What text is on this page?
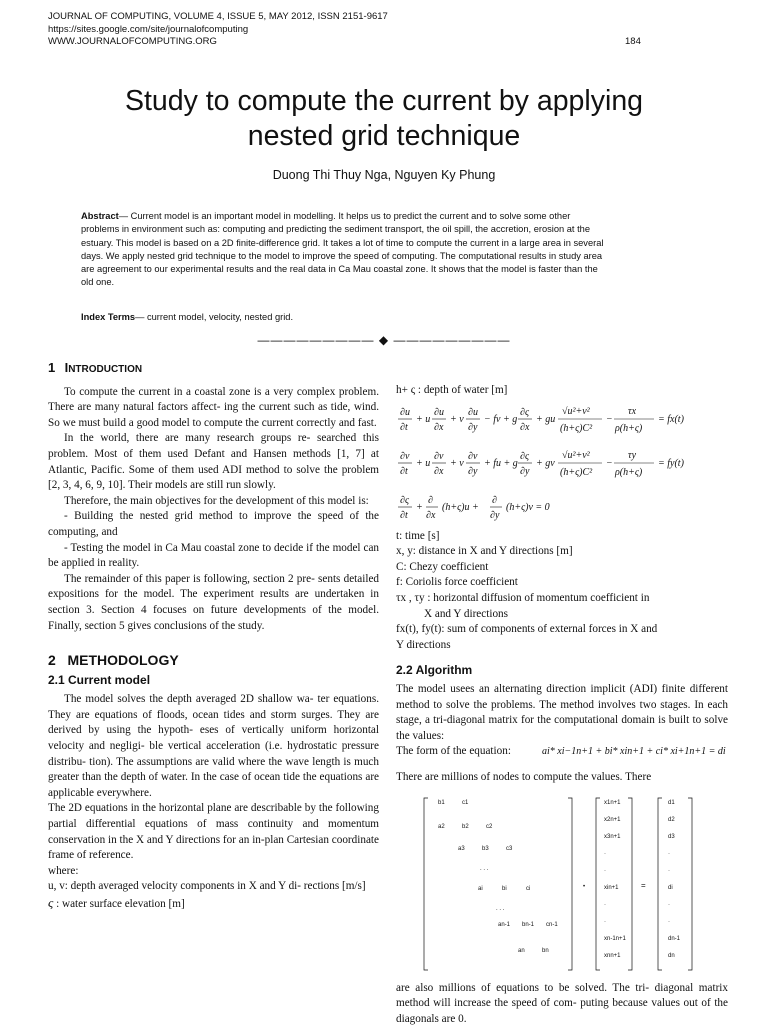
JOURNAL OF COMPUTING, VOLUME 4, ISSUE 5, MAY 2012, ISSN 2151-9617
https://sites.google.com/site/journalofcomputing
WWW.JOURNALOFCOMPUTING.ORG	184
Study to compute the current by applying
nested grid technique
Duong Thi Thuy Nga, Nguyen Ky Phung
Abstract— Current model is an important model in modelling. It helps us to predict the current and to solve some other
problems in environment such as: computing and predicting the sediment transport, the oil spill, the accretion, erosion at the
estuary. This model is based on a 2D finite-difference grid. It takes a lot of time to compute the current in a large area in several
days. We apply nested grid technique to the model to improve the speed of computing. The computational results in study area
are agreement to our experimental results and the real data in Ca Mau coastal zone. It shows that the model is faster than the
old one.
Index Terms— current model, velocity, nested grid.
————————— ◆ —————————
1 INTRODUCTION

To compute the current in a coastal zone is a very complex problem. There are many natural factors affect- ing the current such as tide, wind. So we must build a good model to compute the current correctly and fast.

In the world, there are many research groups re- searched this problem. Most of them used Defant and Hansen methods [1, 7] at Atlantic, Pacific. Some of them used ADI method to solve the problem [2, 3, 4, 6, 9, 10]. Their models are still run slowly.

Therefore, the main objectives for the development of this model is:

- Building the nested grid method to improve the speed of the computing, and

- Testing the model in Ca Mau coastal zone to decide if the model can be applied in reality.

The remainder of this paper is following, section 2 pre- sents detailed expositions for the model. The experiment results are undertaken in section 3. Section 4 focuses on future developments of the model. Finally, section 5 gives conclusions of the study.

2   METHODOLOGY
2.1 Current model

The model solves the depth averaged 2D shallow wa- ter equations. They are equations of floods, ocean tides and storm surges. They are derived by using the hypoth- eses of vertically uniform horizontal velocity and negligi- ble vertical acceleration (i.e. hydrostatic pressure distribu- tion). The assumptions are valid where the wave length is much greater than the depth of water. In the case of ocean tide the equations are applicable everywhere.

The 2D equations in the horizontal plane are describable by the following partial differential equations of mass continuity and momentum conservation in the X and Y directions for an in-plan Cartesian coordinate frame of reference.

where:

u, v: depth averaged velocity components in X and Y di- rections [m/s]

ς : water surface elevation [m]

h+ ς : depth of water [m]

∂u
∂t
+ u
∂u
∂x
+ v
∂u
∂y
− fv + g
∂ς
∂x
+ gu
√u²+v²
(h+ς)C²
−
τx
ρ(h+ς)
= fx(t)
∂v
∂t
+ u
∂v
∂x
+ v
∂v
∂y
+ fu + g
∂ς
∂y
+ gv
√u²+v²
(h+ς)C²
−
τy
ρ(h+ς)
= fy(t)
∂ς
∂t
+
∂
∂x
(h+ς)u +
∂
∂y
(h+ς)v = 0

t: time [s]

x, y: distance in X and Y directions [m]

C: Chezy coefficient

f: Coriolis force coefficient

τx , τy : horizontal diffusion of momentum coefficient in

X and Y directions

fx(t), fy(t): sum of components of external forces in X and

Y directions

2.2 Algorithm

The model usees an alternating direction implicit (ADI) finite different method to solve the problems. The method involves two stages. In each stage, a tri-diagonal matrix for the computational domain is built to solve the values:

The form of the equation:	ai* xi−1n+1 + bi* xin+1 + ci* xi+1n+1 = di

There are millions of nodes to compute the values. There

b1	c1
a2	b2	c2
a3	b3	c3
ai	bi	ci
an-1 bn-1 cn-1
an	bn
. . .
. . .
x1n+1
x2n+1
x3n+1
·
·
xin+1
·
·
xn-1n+1
xnn+1
d1
d2
d3
·
·
di
·
·
dn-1
dn
•	=

are also millions of equations to be solved. The tri- diagonal matrix method will increase the speed of com- puting because values out of the diagonals are 0.
